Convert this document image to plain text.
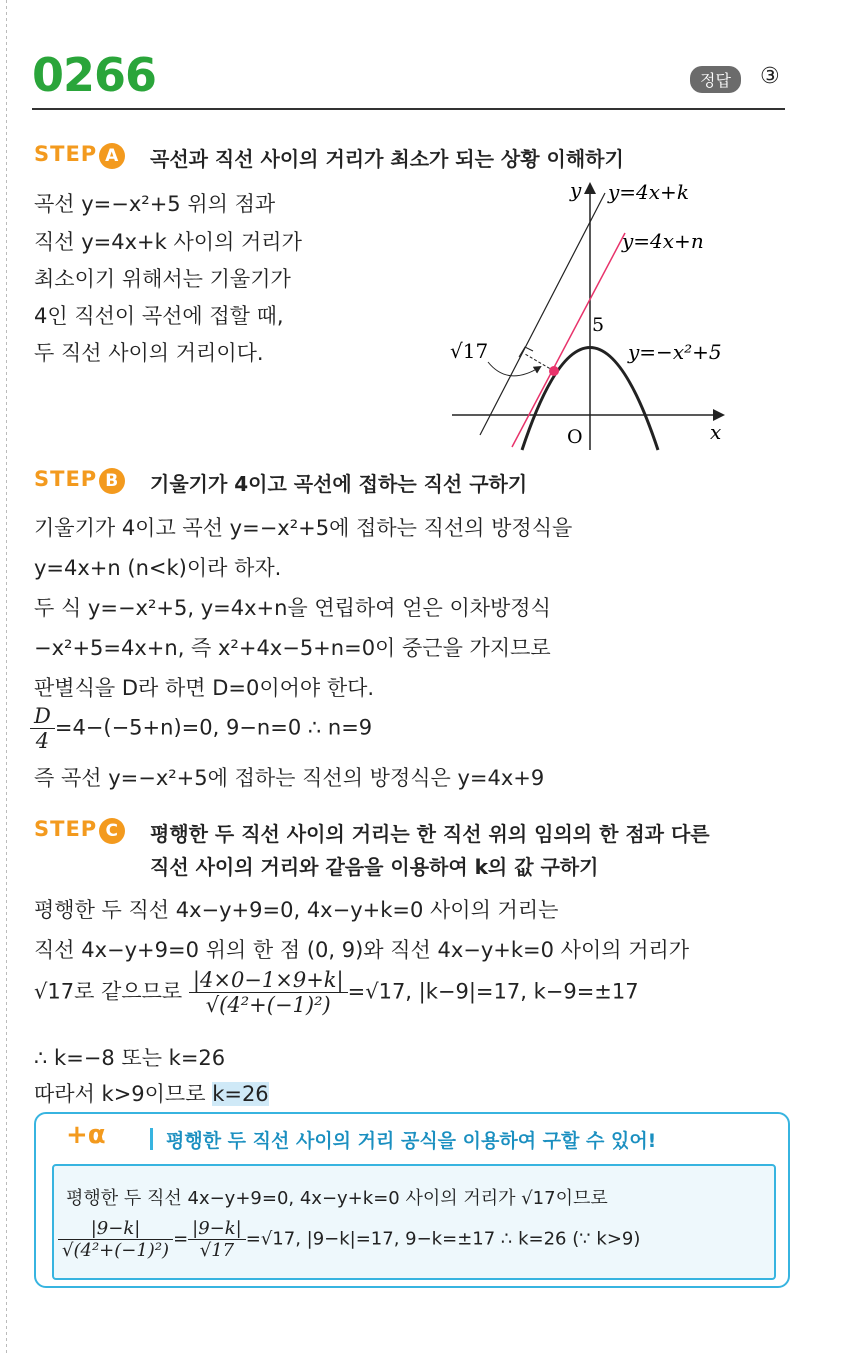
0266	정답	③
STEP A 곡선과 직선 사이의 거리가 최소가 되는 상황 이해하기
곡선 y=−x²+5 위의 점과
직선 y=4x+k 사이의 거리가
최소이기 위해서는 기울기가
4인 직선이 곡선에 접할 때,
두 직선 사이의 거리이다.
y
x
O
5
y=4x+k
y=4x+n
y=−x²+5
√17
STEP B	기울기가 4이고 곡선에 접하는 직선 구하기
기울기가 4이고 곡선 y=−x²+5에 접하는 직선의 방정식을
y=4x+n (n<k)이라 하자.
두 식 y=−x²+5, y=4x+n을 연립하여 얻은 이차방정식
−x²+5=4x+n, 즉 x²+4x−5+n=0이 중근을 가지므로
판별식을 D라 하면 D=0이어야 한다.
$\frac{D}{4} =4-(-5+n)=0$, 9−n=0 ∴ n=9
즉 곡선 y=−x²+5에 접하는 직선의 방정식은 y=4x+9
STEP C	평행한 두 직선 사이의 거리는 한 직선 위의 임의의 한 점과 다른
직선 사이의 거리와 같음을 이용하여 k의 값 구하기
평행한 두 직선 4x−y+9=0, 4x−y+k=0 사이의 거리는
직선 4x−y+9=0 위의 한 점 (0, 9)와 직선 4x−y+k=0 사이의 거리가
√17로 같으므로 $\frac{|4\times 0-1\times 9+k|}{\text{√(4²+(−1)²)}} =√17$, |k−9|=17, k−9=±17
∴ k=−8 또는 k=26
따라서 k>9이므로 k=26
+α	평행한 두 직선 사이의 거리 공식을 이용하여 구할 수 있어!
평행한 두 직선 4x−y+9=0, 4x−y+k=0 사이의 거리가 √17이므로
$\frac{|9-k|}{\text{√(4²+(−1)²)}} = \frac{|9-k|}{√17} =√17$, |9−k|=17, 9−k=±17 ∴ k=26 (∵ k>9)
